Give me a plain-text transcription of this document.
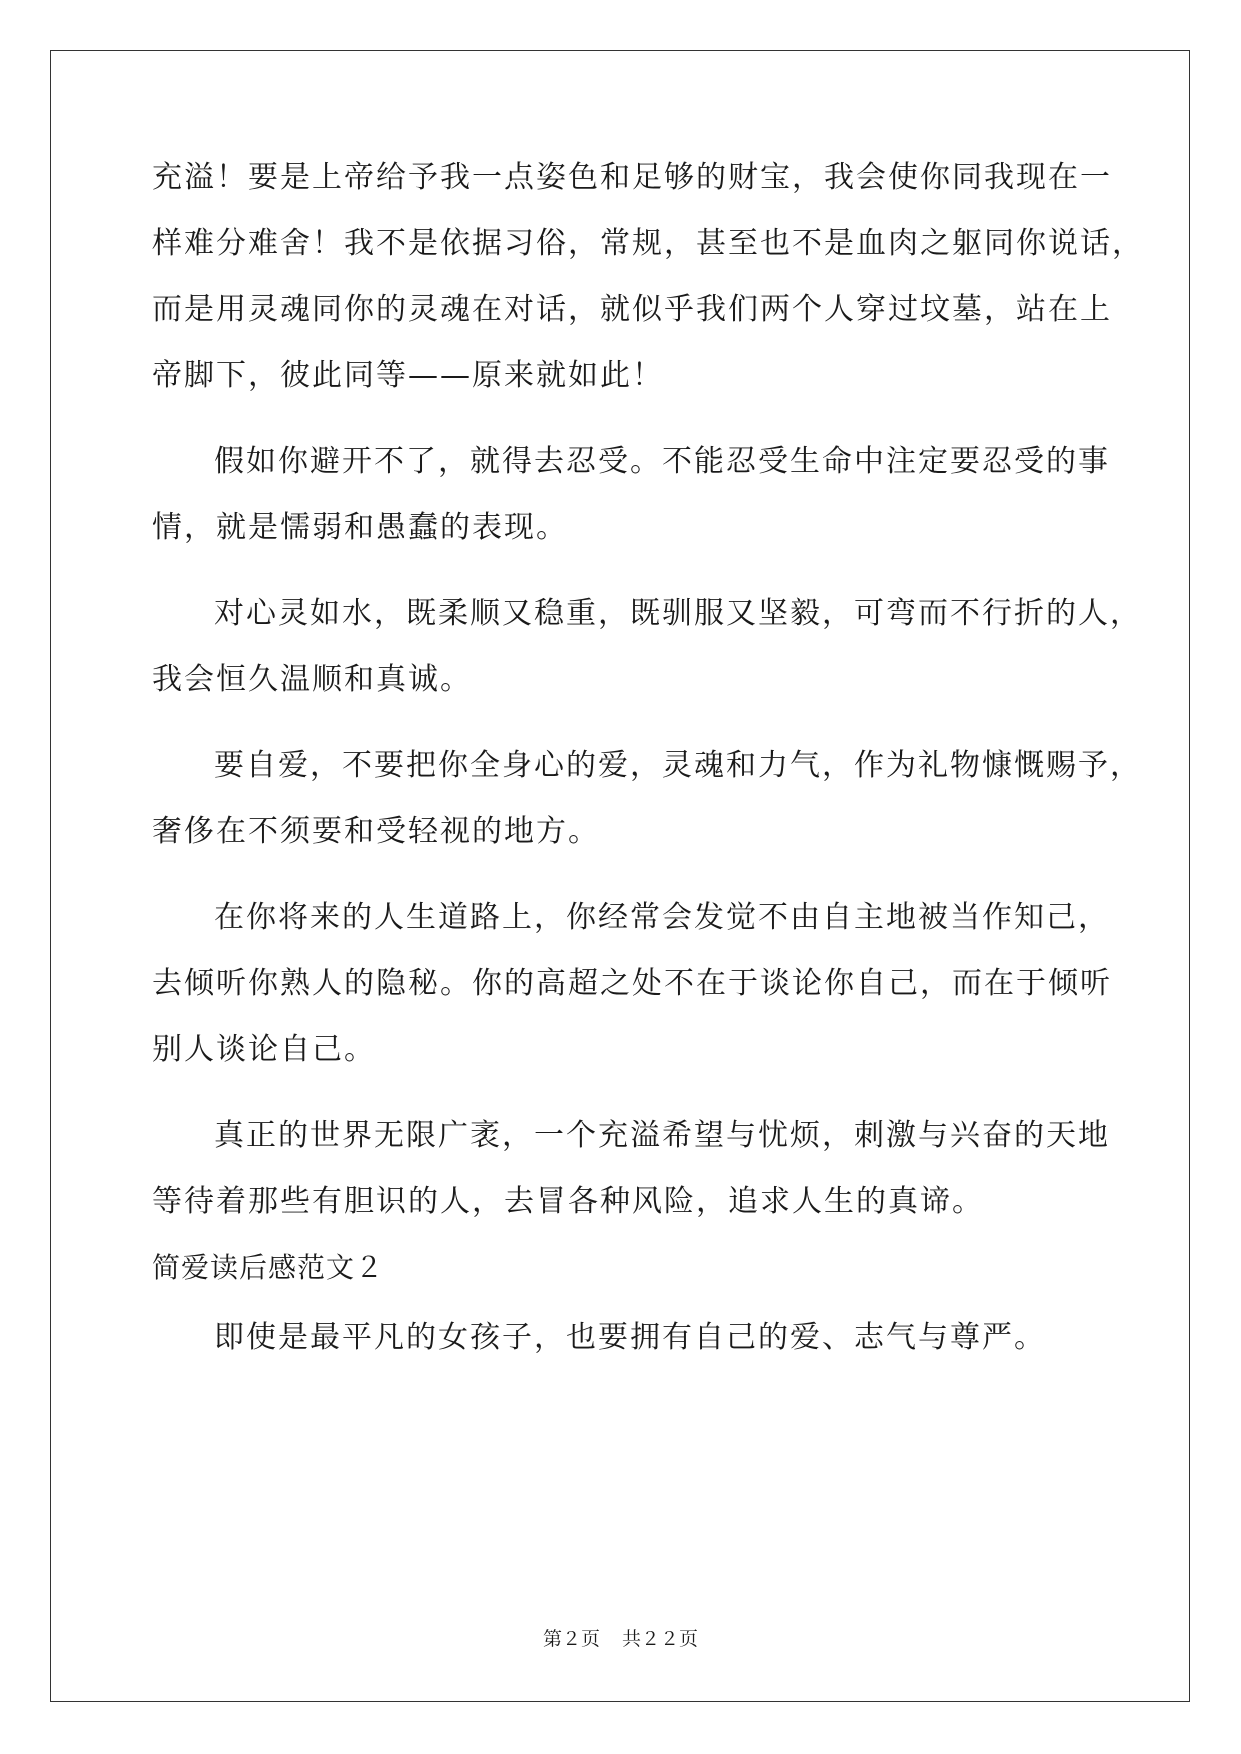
充溢！要是上帝给予我一点姿色和足够的财宝，我会使你同我现在一
样难分难舍！我不是依据习俗，常规，甚至也不是血肉之躯同你说话，
而是用灵魂同你的灵魂在对话，就似乎我们两个人穿过坟墓，站在上
帝脚下，彼此同等——原来就如此！
假如你避开不了，就得去忍受。不能忍受生命中注定要忍受的事
情，就是懦弱和愚蠢的表现。
对心灵如水，既柔顺又稳重，既驯服又坚毅，可弯而不行折的人，
我会恒久温顺和真诚。
要自爱，不要把你全身心的爱，灵魂和力气，作为礼物慷慨赐予，
奢侈在不须要和受轻视的地方。
在你将来的人生道路上，你经常会发觉不由自主地被当作知己，
去倾听你熟人的隐秘。你的高超之处不在于谈论你自己，而在于倾听
别人谈论自己。
真正的世界无限广袤，一个充溢希望与忧烦，刺激与兴奋的天地
等待着那些有胆识的人，去冒各种风险，追求人生的真谛。
简爱读后感范文２
即使是最平凡的女孩子，也要拥有自己的爱、志气与尊严。
第２页 共２２页
